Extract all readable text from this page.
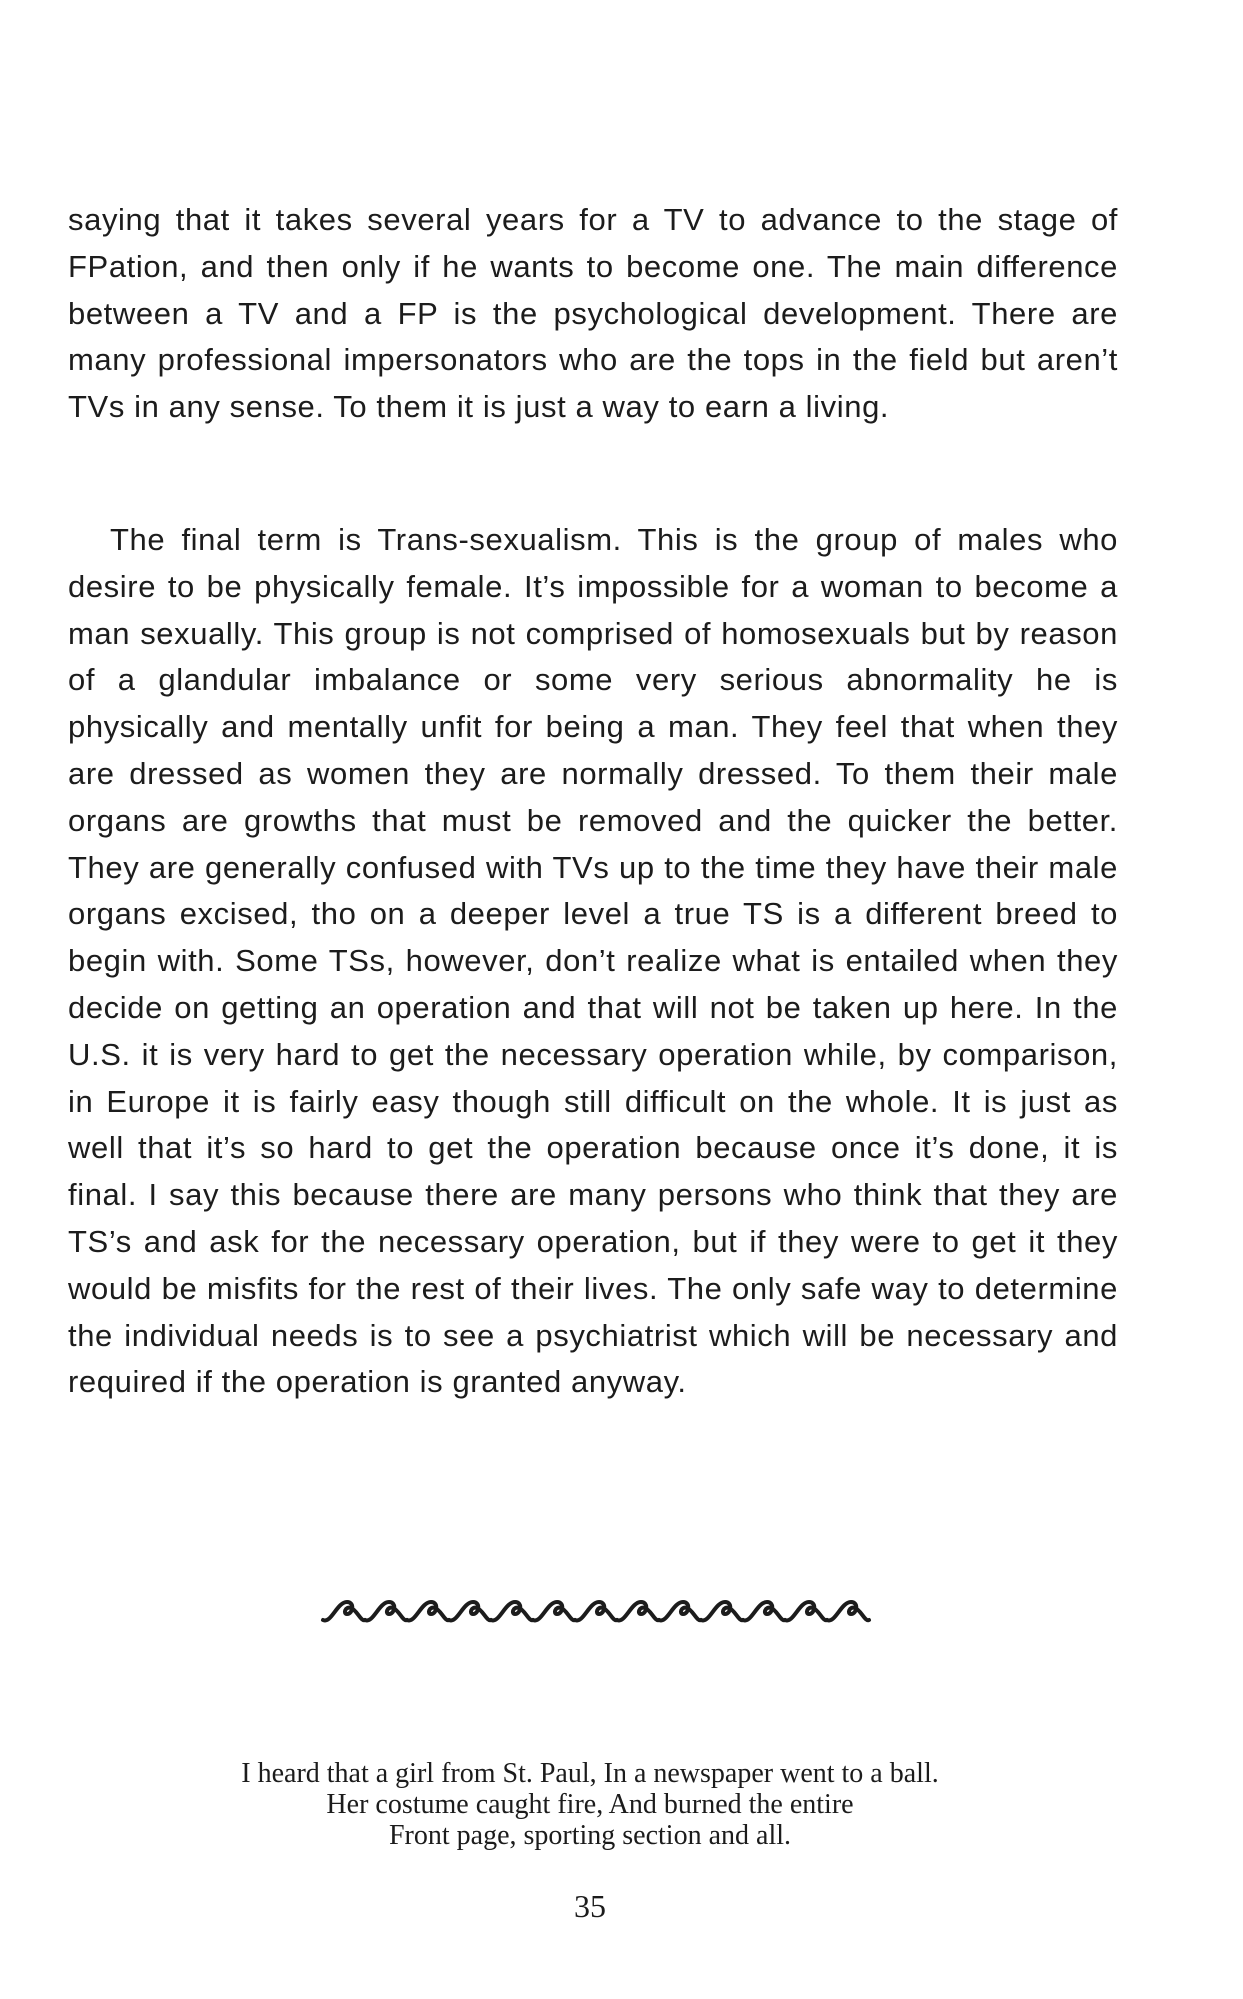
saying that it takes several years for a TV to advance to the stage of FPation, and then only if he wants to become one. The main difference between a TV and a FP is the psychological development. There are many professional impersonators who are the tops in the field but aren’t TVs in any sense. To them it is just a way to earn a living.

The final term is Trans-sexualism. This is the group of males who desire to be physically female. It’s impossible for a woman to become a man sexually. This group is not comprised of homosexuals but by reason of a glandular imbalance or some very serious abnormality he is physically and mentally unfit for being a man. They feel that when they are dressed as women they are normally dressed. To them their male organs are growths that must be removed and the quicker the better. They are generally confused with TVs up to the time they have their male organs excised, tho on a deeper level a true TS is a different breed to begin with. Some TSs, however, don’t realize what is entailed when they decide on getting an operation and that will not be taken up here. In the U.S. it is very hard to get the necessary operation while, by comparison, in Europe it is fairly easy though still difficult on the whole. It is just as well that it’s so hard to get the operation because once it’s done, it is final. I say this because there are many persons who think that they are TS’s and ask for the necessary operation, but if they were to get it they would be misfits for the rest of their lives. The only safe way to determine the individual needs is to see a psychiatrist which will be necessary and required if the operation is granted anyway.

I heard that a girl from St. Paul, In a newspaper went to a ball.
Her costume caught fire, And burned the entire
Front page, sporting section and all.
35
